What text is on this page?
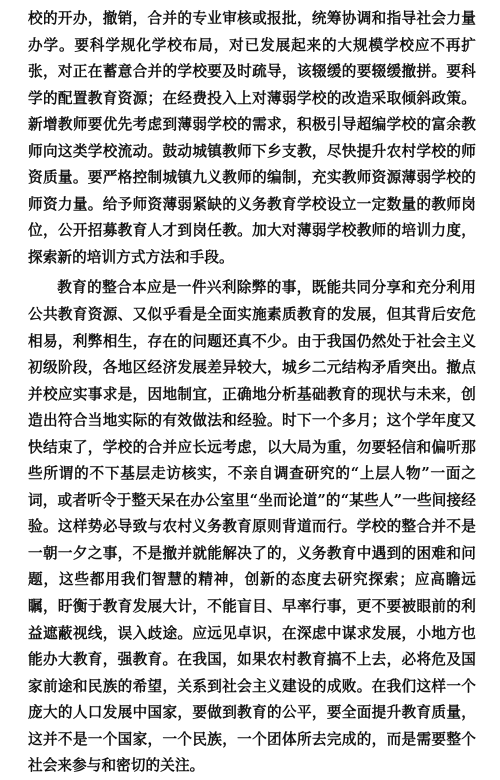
校的开办，撤销，合并的专业审核或报批，统筹协调和指导社会力量办学。要科学规化学校布局，对已发展起来的大规模学校应不再扩张，对正在蓄意合并的学校要及时疏导，该辍缓的要辍缓撤拼。要科学的配置教育资源；在经费投入上对薄弱学校的改造采取倾斜政策。新增教师要优先考虑到薄弱学校的需求，积极引导超编学校的富余教师向这类学校流动。鼓动城镇教师下乡支教，尽快提升农村学校的师资质量。要严格控制城镇九义教师的编制，充实教师资源薄弱学校的师资力量。给予师资薄弱紧缺的义务教育学校设立一定数量的教师岗位，公开招募教育人才到岗任教。加大对薄弱学校教师的培训力度，探索新的培训方式方法和手段。

教育的整合本应是一件兴利除弊的事，既能共同分享和充分利用公共教育资源、又似乎看是全面实施素质教育的发展，但其背后安危相易，利弊相生，存在的问题还真不少。由于我国仍然处于社会主义初级阶段，各地区经济发展差异较大，城乡二元结构矛盾突出。撤点并校应实事求是，因地制宜，正确地分析基础教育的现状与未来，创造出符合当地实际的有效做法和经验。时下一个多月；这个学年度又快结束了，学校的合并应长远考虑，以大局为重，勿要轻信和偏听那些所谓的不下基层走访核实，不亲自调查研究的“上层人物”一面之词，或者听令于整天呆在办公室里“坐而论道”的“某些人”一些间接经验。这样势必导致与农村义务教育原则背道而行。学校的整合并不是一朝一夕之事，不是撤并就能解决了的，义务教育中遇到的困难和问题，这些都用我们智慧的精神，创新的态度去研究探索；应高瞻远瞩，盱衡于教育发展大计，不能盲目、早率行事，更不要被眼前的利益遮蔽视线，误入歧途。应远见卓识，在深虑中谋求发展，小地方也能办大教育，强教育。在我国，如果农村教育搞不上去，必将危及国家前途和民族的希望，关系到社会主义建设的成败。在我们这样一个庞大的人口发展中国家，要做到教育的公平，要全面提升教育质量，这并不是一个国家，一个民族，一个团体所去完成的，而是需要整个社会来参与和密切的关注。
